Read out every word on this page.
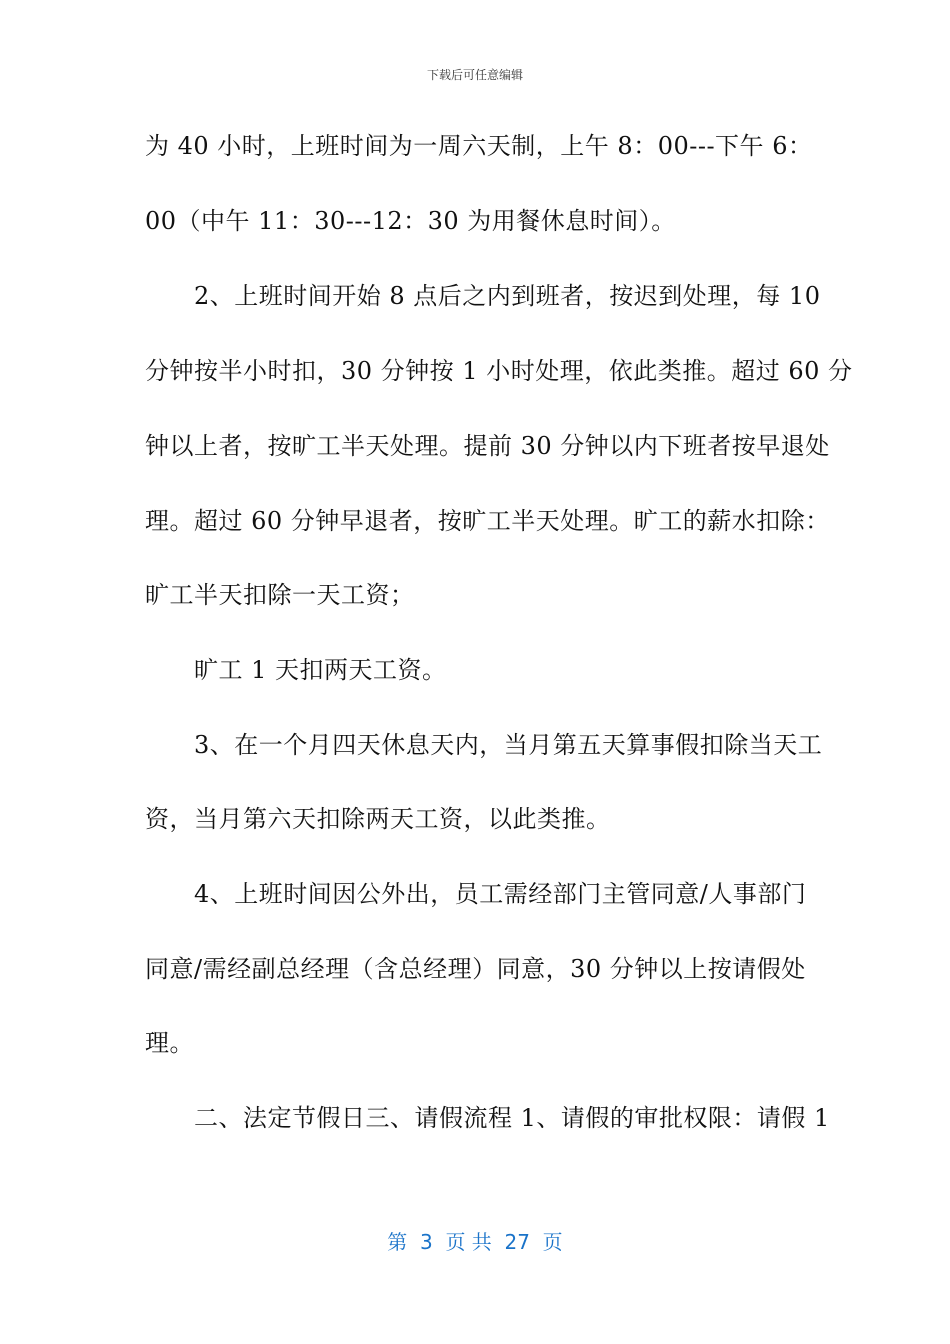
下载后可任意编辑
为 40 小时，上班时间为一周六天制，上午 8：00---下午 6：
00（中午 11：30---12：30 为用餐休息时间）。
2、上班时间开始 8 点后之内到班者，按迟到处理，每 10
分钟按半小时扣，30 分钟按 1 小时处理，依此类推。超过 60 分
钟以上者，按旷工半天处理。提前 30 分钟以内下班者按早退处
理。超过 60 分钟早退者，按旷工半天处理。旷工的薪水扣除：
旷工半天扣除一天工资；
旷工 1 天扣两天工资。
3、在一个月四天休息天内，当月第五天算事假扣除当天工
资，当月第六天扣除两天工资，以此类推。
4、上班时间因公外出，员工需经部门主管同意/人事部门
同意/需经副总经理（含总经理）同意，30 分钟以上按请假处
理。
二、法定节假日三、请假流程 1、请假的审批权限：请假 1
第  3  页 共  27  页
